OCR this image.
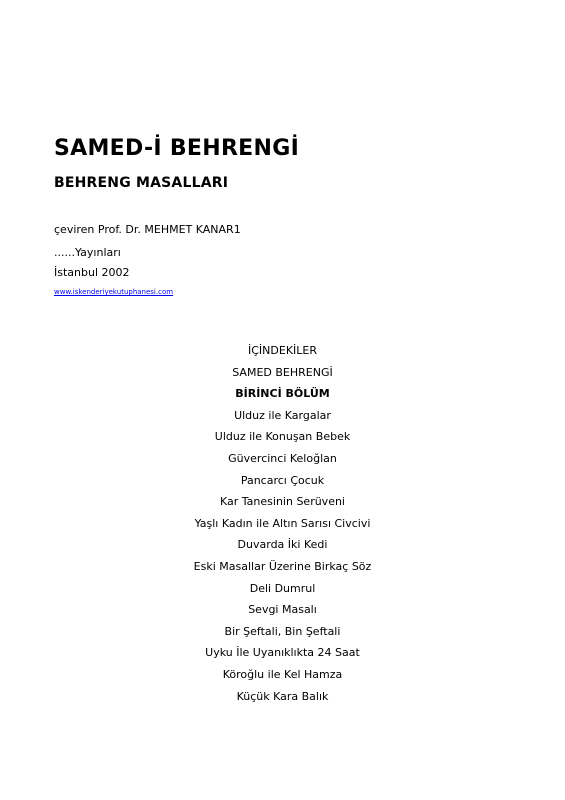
SAMED-İ BEHRENGİ
BEHRENG MASALLARI
çeviren Prof. Dr. MEHMET KANAR1
......Yayınları
İstanbul 2002
www.iskenderiyekutuphanesi.com
İÇİNDEKİLER
SAMED BEHRENGİ
BİRİNCİ BÖLÜM
Ulduz ile Kargalar
Ulduz ile Konuşan Bebek
Güvercinci Keloğlan
Pancarcı Çocuk
Kar Tanesinin Serüveni
Yaşlı Kadın ile Altın Sarısı Civcivi
Duvarda İki Kedi
Eski Masallar Üzerine Birkaç Söz
Deli Dumrul
Sevgi Masalı
Bir Şeftali, Bin Şeftali
Uyku İle Uyanıklıkta 24 Saat
Köroğlu ile Kel Hamza
Küçük Kara Balık
